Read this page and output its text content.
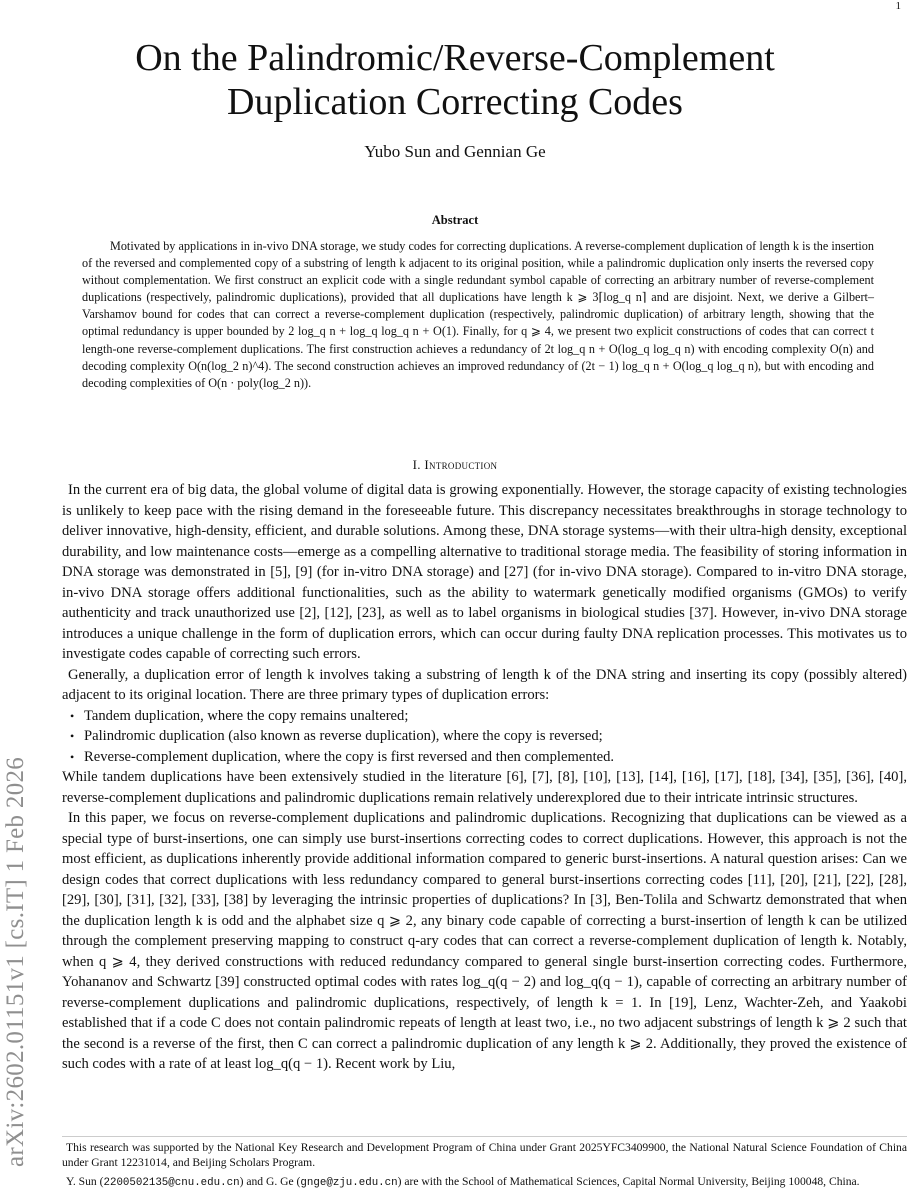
1
arXiv:2602.01151v1 [cs.IT] 1 Feb 2026
On the Palindromic/Reverse-Complement
Duplication Correcting Codes
Yubo Sun and Gennian Ge
Abstract

Motivated by applications in in-vivo DNA storage, we study codes for correcting duplications. A reverse-complement duplication of length k is the insertion of the reversed and complemented copy of a substring of length k adjacent to its original position, while a palindromic duplication only inserts the reversed copy without complementation. We first construct an explicit code with a single redundant symbol capable of correcting an arbitrary number of reverse-complement duplications (respectively, palindromic duplications), provided that all duplications have length k ⩾ 3⌈log_q n⌉ and are disjoint. Next, we derive a Gilbert–Varshamov bound for codes that can correct a reverse-complement duplication (respectively, palindromic duplication) of arbitrary length, showing that the optimal redundancy is upper bounded by 2 log_q n + log_q log_q n + O(1). Finally, for q ⩾ 4, we present two explicit constructions of codes that can correct t length-one reverse-complement duplications. The first construction achieves a redundancy of 2t log_q n + O(log_q log_q n) with encoding complexity O(n) and decoding complexity O(n(log_2 n)^4). The second construction achieves an improved redundancy of (2t − 1) log_q n + O(log_q log_q n), but with encoding and decoding complexities of O(n · poly(log_2 n)).

I. Introduction

In the current era of big data, the global volume of digital data is growing exponentially. However, the storage capacity of existing technologies is unlikely to keep pace with the rising demand in the foreseeable future. This discrepancy necessitates breakthroughs in storage technology to deliver innovative, high-density, efficient, and durable solutions. Among these, DNA storage systems—with their ultra-high density, exceptional durability, and low maintenance costs—emerge as a compelling alternative to traditional storage media. The feasibility of storing information in DNA storage was demonstrated in [5], [9] (for in-vitro DNA storage) and [27] (for in-vivo DNA storage). Compared to in-vitro DNA storage, in-vivo DNA storage offers additional functionalities, such as the ability to watermark genetically modified organisms (GMOs) to verify authenticity and track unauthorized use [2], [12], [23], as well as to label organisms in biological studies [37]. However, in-vivo DNA storage introduces a unique challenge in the form of duplication errors, which can occur during faulty DNA replication processes. This motivates us to investigate codes capable of correcting such errors.

Generally, a duplication error of length k involves taking a substring of length k of the DNA string and inserting its copy (possibly altered) adjacent to its original location. There are three primary types of duplication errors:

• Tandem duplication, where the copy remains unaltered;
• Palindromic duplication (also known as reverse duplication), where the copy is reversed;
• Reverse-complement duplication, where the copy is first reversed and then complemented.

While tandem duplications have been extensively studied in the literature [6], [7], [8], [10], [13], [14], [16], [17], [18], [34], [35], [36], [40], reverse-complement duplications and palindromic duplications remain relatively underexplored due to their intricate intrinsic structures.

In this paper, we focus on reverse-complement duplications and palindromic duplications. Recognizing that duplications can be viewed as a special type of burst-insertions, one can simply use burst-insertions correcting codes to correct duplications. However, this approach is not the most efficient, as duplications inherently provide additional information compared to generic burst-insertions. A natural question arises: Can we design codes that correct duplications with less redundancy compared to general burst-insertions correcting codes [11], [20], [21], [22], [28], [29], [30], [31], [32], [33], [38] by leveraging the intrinsic properties of duplications? In [3], Ben-Tolila and Schwartz demonstrated that when the duplication length k is odd and the alphabet size q ⩾ 2, any binary code capable of correcting a burst-insertion of length k can be utilized through the complement preserving mapping to construct q-ary codes that can correct a reverse-complement duplication of length k. Notably, when q ⩾ 4, they derived constructions with reduced redundancy compared to general single burst-insertion correcting codes. Furthermore, Yohananov and Schwartz [39] constructed optimal codes with rates log_q(q − 2) and log_q(q − 1), capable of correcting an arbitrary number of reverse-complement duplications and palindromic duplications, respectively, of length k = 1. In [19], Lenz, Wachter-Zeh, and Yaakobi established that if a code C does not contain palindromic repeats of length at least two, i.e., no two adjacent substrings of length k ⩾ 2 such that the second is a reverse of the first, then C can correct a palindromic duplication of any length k ⩾ 2. Additionally, they proved the existence of such codes with a rate of at least log_q(q − 1). Recent work by Liu,

This research was supported by the National Key Research and Development Program of China under Grant 2025YFC3409900, the National Natural Science Foundation of China under Grant 12231014, and Beijing Scholars Program.

Y. Sun (2200502135@cnu.edu.cn) and G. Ge (gnge@zju.edu.cn) are with the School of Mathematical Sciences, Capital Normal University, Beijing 100048, China.
